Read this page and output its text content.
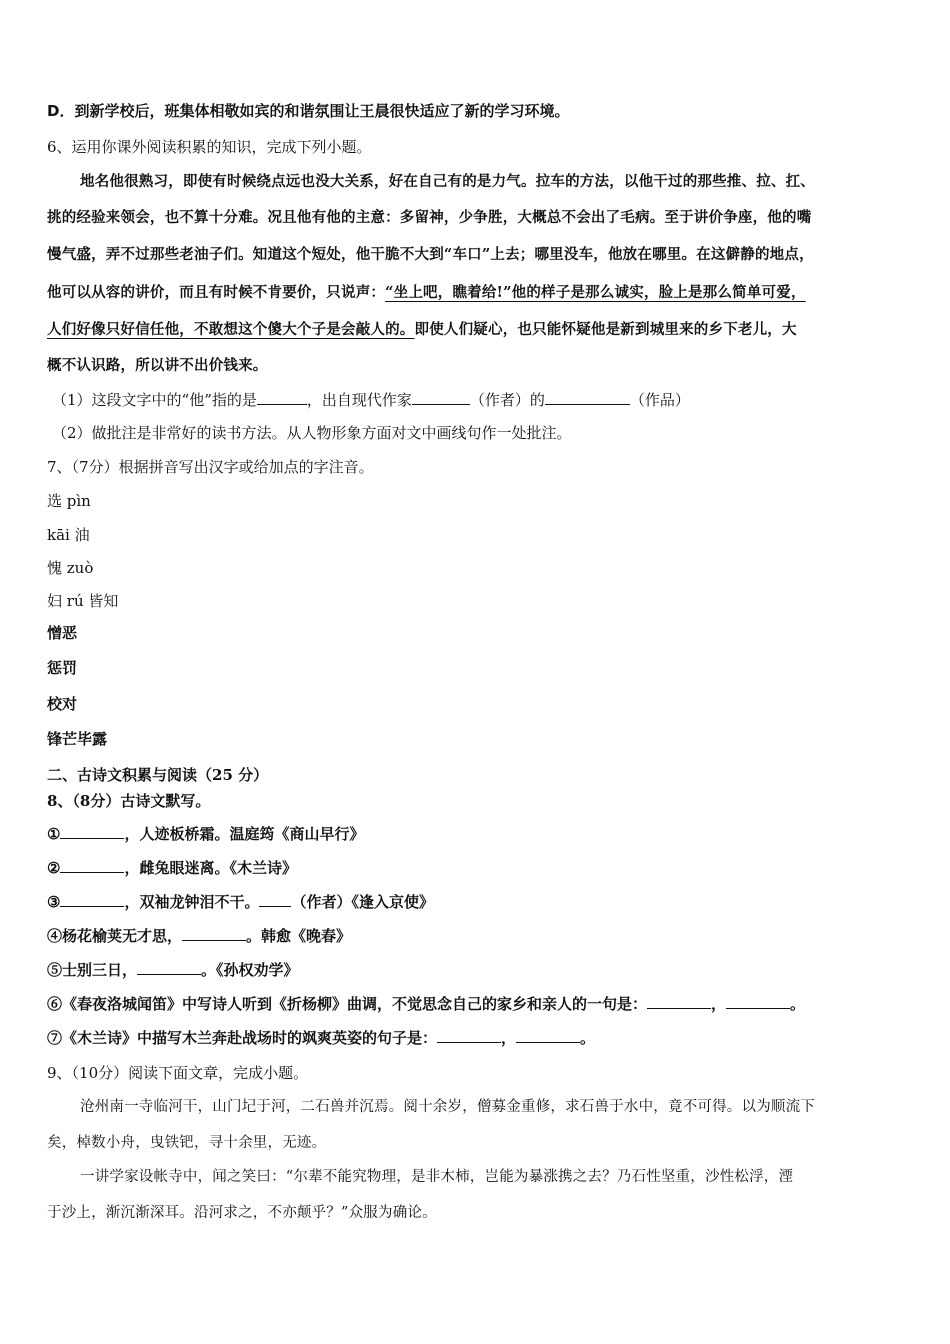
D．到新学校后，班集体相敬如宾的和谐氛围让王晨很快适应了新的学习环境。
6、运用你课外阅读积累的知识，完成下列小题。
地名他很熟习，即使有时候绕点远也没大关系，好在自己有的是力气。拉车的方法，以他干过的那些推、拉、扛、
挑的经验来领会，也不算十分难。况且他有他的主意：多留神，少争胜，大概总不会出了毛病。至于讲价争座，他的嘴
慢气盛，弄不过那些老油子们。知道这个短处，他干脆不大到“车口”上去；哪里没车，他放在哪里。在这僻静的地点，
他可以从容的讲价，而且有时候不肯要价，只说声：“坐上吧，瞧着给!”他的样子是那么诚实，脸上是那么简单可爱，
人们好像只好信任他，不敢想这个傻大个子是会敲人的。即使人们疑心，也只能怀疑他是新到城里来的乡下老儿，大
概不认识路，所以讲不出价钱来。
（1）这段文字中的“他”指的是	，出自现代作家	（作者）的	（作品）
（2）做批注是非常好的读书方法。从人物形象方面对文中画线句作一处批注。
7、（7分）根据拼音写出汉字或给加点的字注音。
选 pìn
kāi 油
愧 zuò
妇 rú 皆知
憎恶
惩罚
校对
锋芒毕露
二、古诗文积累与阅读（25 分）
8、（8分）古诗文默写。
①	，人迹板桥霜。温庭筠《商山早行》
②	，雌兔眼迷离。《木兰诗》
③	，双袖龙钟泪不干。 （作者）《逢入京使》
④杨花榆荚无才思，	。韩愈《晚春》
⑤士别三日，	。《孙权劝学》
⑥《春夜洛城闻笛》中写诗人听到《折杨柳》曲调，不觉思念自己的家乡和亲人的一句是：	，	。
⑦《木兰诗》中描写木兰奔赴战场时的飒爽英姿的句子是：	，	。
9、（10分）阅读下面文章，完成小题。
沧州南一寺临河干，山门圮于河，二石兽并沉焉。阅十余岁，僧募金重修，求石兽于水中，竟不可得。以为顺流下
矣，棹数小舟，曳铁钯，寻十余里，无迹。
一讲学家设帐寺中，闻之笑曰：“尔辈不能究物理，是非木柿，岂能为暴涨携之去？乃石性坚重，沙性松浮，湮
于沙上，渐沉渐深耳。沿河求之，不亦颠乎？”众服为确论。
